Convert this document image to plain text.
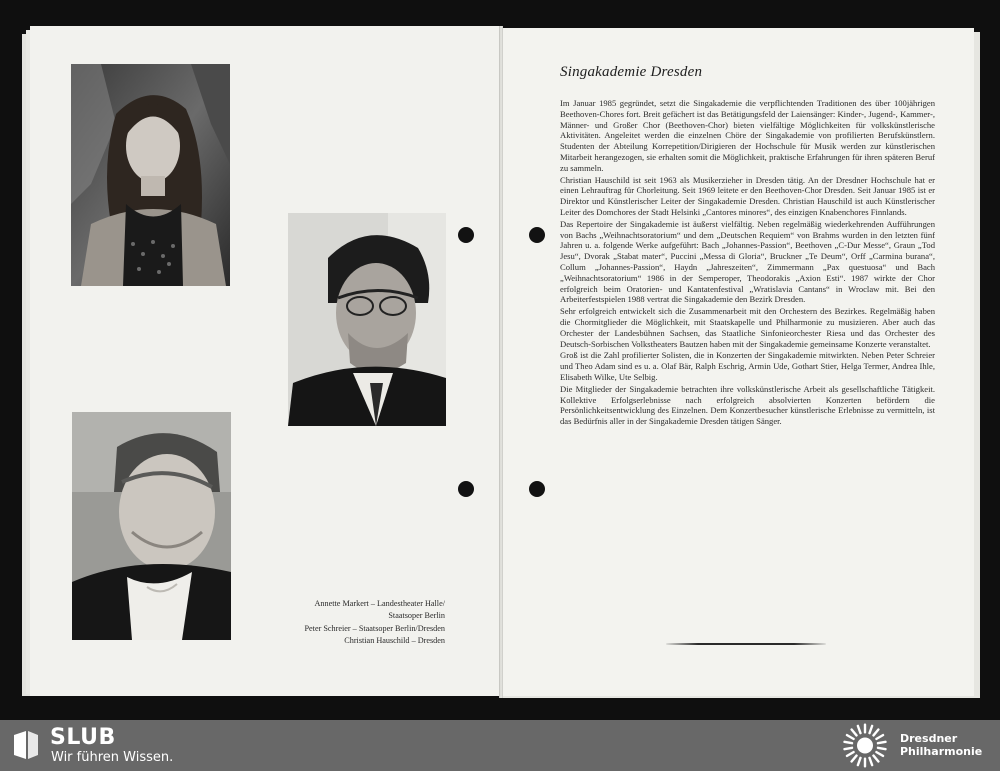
Annette Markert – Landestheater Halle/
Staatsoper Berlin
Peter Schreier – Staatsoper Berlin/Dresden
Christian Hauschild – Dresden
Singakademie Dresden

Im Januar 1985 gegründet, setzt die Singakademie die verpflichtenden Traditionen des über 100jährigen Beethoven-Chores fort. Breit gefächert ist das Betätigungsfeld der Laiensänger: Kinder-, Jugend-, Kammer-, Männer- und Großer Chor (Beethoven-Chor) bieten vielfältige Möglichkeiten für volkskünstlerische Aktivitäten. Angeleitet werden die einzelnen Chöre der Singakademie von profilierten Berufskünstlern. Studenten der Abteilung Korrepetition/Dirigieren der Hochschule für Musik werden zur künstlerischen Mitarbeit herangezogen, sie erhalten somit die Möglichkeit, praktische Erfahrungen für ihren späteren Beruf zu sammeln.

Christian Hauschild ist seit 1963 als Musikerzieher in Dresden tätig. An der Dresdner Hochschule hat er einen Lehrauftrag für Chorleitung. Seit 1969 leitete er den Beethoven-Chor Dresden. Seit Januar 1985 ist er Direktor und Künstlerischer Leiter der Singakademie Dresden. Christian Hauschild ist auch Künstlerischer Leiter des Domchores der Stadt Helsinki „Cantores minores“, des einzigen Knabenchores Finnlands.

Das Repertoire der Singakademie ist äußerst vielfältig. Neben regelmäßig wiederkehrenden Aufführungen von Bachs „Weihnachtsoratorium“ und dem „Deutschen Requiem“ von Brahms wurden in den letzten fünf Jahren u. a. folgende Werke aufgeführt: Bach „Johannes-Passion“, Beethoven „C-Dur Messe“, Graun „Tod Jesu“, Dvorak „Stabat mater“, Puccini „Messa di Gloria“, Bruckner „Te Deum“, Orff „Carmina burana“, Collum „Johannes-Passion“, Haydn „Jahreszeiten“, Zimmermann „Pax questuosa“ und Bach „Weihnachtsoratorium“ 1986 in der Semperoper, Theodorakis „Axion Esti“. 1987 wirkte der Chor erfolgreich beim Oratorien- und Kantatenfestival „Wratislavia Cantans“ in Wroclaw mit. Bei den Arbeiterfestspielen 1988 vertrat die Singakademie den Bezirk Dresden.

Sehr erfolgreich entwickelt sich die Zusammenarbeit mit den Orchestern des Bezirkes. Regelmäßig haben die Chormitglieder die Möglichkeit, mit Staatskapelle und Philharmonie zu musizieren. Aber auch das Orchester der Landesbühnen Sachsen, das Staatliche Sinfonieorchester Riesa und das Orchester des Deutsch-Sorbischen Volkstheaters Bautzen haben mit der Singakademie gemeinsame Konzerte veranstaltet.

Groß ist die Zahl profilierter Solisten, die in Konzerten der Singakademie mitwirkten. Neben Peter Schreier und Theo Adam sind es u. a. Olaf Bär, Ralph Eschrig, Armin Ude, Gothart Stier, Helga Termer, Andrea Ihle, Elisabeth Wilke, Ute Selbig.

Die Mitglieder der Singakademie betrachten ihre volkskünstlerische Arbeit als gesellschaftliche Tätigkeit. Kollektive Erfolgserlebnisse nach erfolgreich absolvierten Konzerten befördern die Persönlichkeitsentwicklung des Einzelnen. Dem Konzertbesucher künstlerische Erlebnisse zu vermitteln, ist das Bedürfnis aller in der Singakademie Dresden tätigen Sänger.

SLUB
Wir führen Wissen.
Dresdner
Philharmonie
